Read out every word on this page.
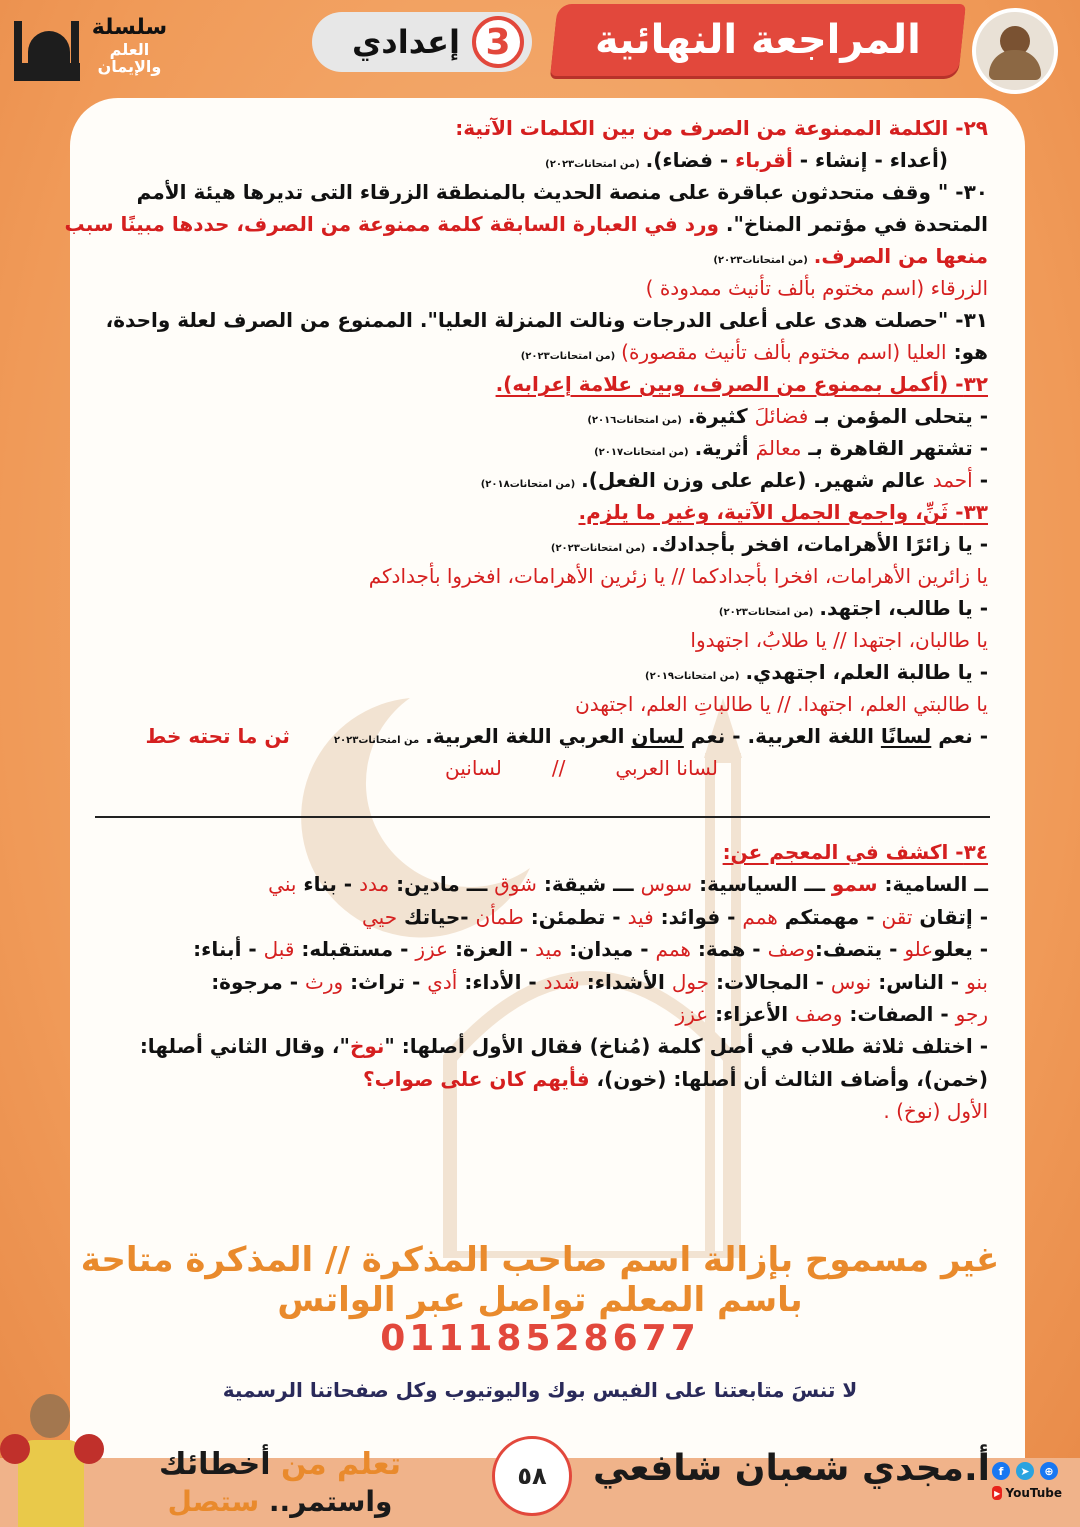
المراجعة النهائية
3
إعدادي
سلسلة
العلم والإيمان
٢٩- الكلمة الممنوعة من الصرف من بين الكلمات الآتية:
(أعداء - إنشاء - أقرباء - فضاء).(من امتحانات٢٠٢٣)
٣٠- " وقف متحدثون عباقرة على منصة الحديث بالمنطقة الزرقاء التى تديرها هيئة الأمم
المتحدة في مؤتمر المناخ". ورد في العبارة السابقة كلمة ممنوعة من الصرف، حددها مبينًا سبب
منعها من الصرف.(من امتحانات٢٠٢٣)
الزرقاء (اسم مختوم بألف تأنيث ممدودة )
٣١- "حصلت هدى على أعلى الدرجات ونالت المنزلة العليا". الممنوع من الصرف لعلة واحدة،
هو: العليا (اسم مختوم بألف تأنيث مقصورة)(من امتحانات٢٠٢٣)
٣٢- (أكمل بممنوع من الصرف، وبين علامة إعرابه).
- يتحلى المؤمن بـ فضائلَ كثيرة.(من امتحانات٢٠١٦)
- تشتهر القاهرة بـ معالمَ أثرية.(من امتحانات٢٠١٧)
- أحمد عالم شهير. (علم على وزن الفعل).(من امتحانات٢٠١٨)
٣٣- ثَنِّ، واجمع الجمل الآتية، وغير ما يلزم.
- يا زائرًا الأهرامات، افخر بأجدادك.(من امتحانات٢٠٢٣)
يا زائرين الأهرامات، افخرا بأجدادكما // يا زئرين الأهرامات، افخروا بأجدادكم
- يا طالب، اجتهد.(من امتحانات٢٠٢٣)
يا طالبان، اجتهدا // يا طلابُ، اجتهدوا
- يا طالبة العلم، اجتهدي.(من امتحانات٢٠١٩)
يا طالبتي العلم، اجتهدا. // يا طالباتِ العلم، اجتهدن
- نعم لسانًا اللغة العربية. - نعم لسان العربي اللغة العربية.من امتحانات٢٠٢٣ثن ما تحته خط
لسانا العربي//لسانين
٣٤- اكشف في المعجم عن:
ــ السامية: سمو ـــ السياسية: سوس ـــ شيقة: شوق ـــ مادين: مدد - بناء بني
- إتقان تقن - مهمتكم همم - فوائد: فيد - تطمئن: طمأن -حياتك حيي
- يعلوعلو - يتصف:وصف - همة: همم - ميدان: ميد - العزة: عزز - مستقبله: قبل - أبناء:
بنو - الناس: نوس - المجالات: جول الأشداء: شدد - الأداء: أدي - تراث: ورث - مرجوة:
رجو - الصفات: وصف الأعزاء: عزز
- اختلف ثلاثة طلاب في أصل كلمة (مُناخ) فقال الأول أصلها: "نوخ"، وقال الثاني أصلها:
(خمن)، وأضاف الثالث أن أصلها: (خون)، فأيهم كان على صواب؟
الأول (نوخ) .
غير مسموح بإزالة اسم صاحب المذكرة // المذكرة متاحة باسم المعلم تواصل عبر الواتس
01118528677
لا تنسَ متابعتنا على الفيس بوك واليوتيوب وكل صفحاتنا الرسمية
أ.مجدي شعبان شافعي
٥٨
تعلم من أخطائك
واستمر.. ستصل
⊕
➤
f
YouTube
▶
